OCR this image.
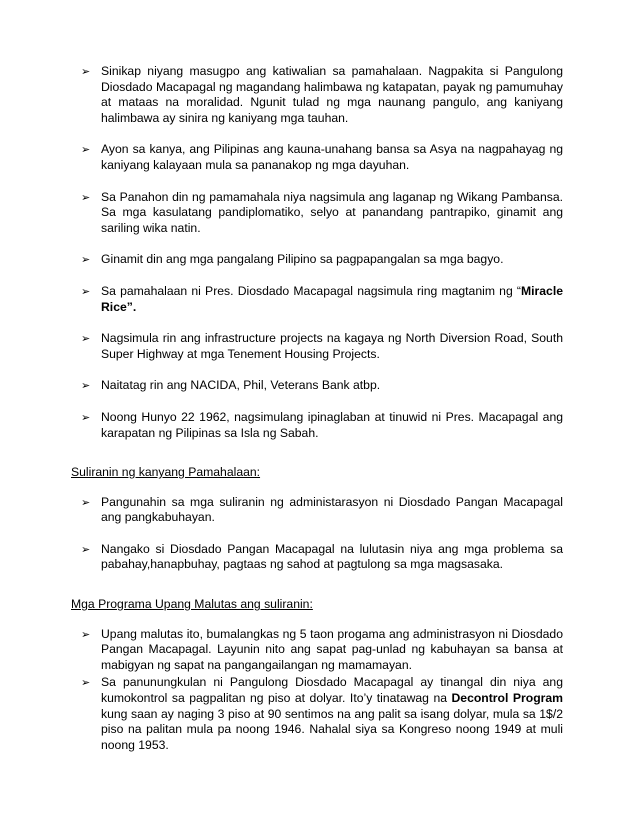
➢ Sinikap niyang masugpo ang katiwalian sa pamahalaan. Nagpakita si Pangulong Diosdado Macapagal ng magandang halimbawa ng katapatan, payak ng pamumuhay at mataas na moralidad. Ngunit tulad ng mga naunang pangulo, ang kaniyang halimbawa ay sinira ng kaniyang mga tauhan.
➢ Ayon sa kanya, ang Pilipinas ang kauna-unahang bansa sa Asya na nagpahayag ng kaniyang kalayaan mula sa pananakop ng mga dayuhan.
➢ Sa Panahon din ng pamamahala niya nagsimula ang laganap ng Wikang Pambansa. Sa mga kasulatang pandiplomatiko, selyo at panandang pantrapiko, ginamit ang sariling wika natin.
➢ Ginamit din ang mga pangalang Pilipino sa pagpapangalan sa mga bagyo.
➢ Sa pamahalaan ni Pres. Diosdado Macapagal nagsimula ring magtanim ng “Miracle Rice”.
➢ Nagsimula rin ang infrastructure projects na kagaya ng North Diversion Road, South Super Highway at mga Tenement Housing Projects.
➢ Naitatag rin ang NACIDA, Phil, Veterans Bank atbp.
➢ Noong Hunyo 22 1962, nagsimulang ipinaglaban at tinuwid ni Pres. Macapagal ang karapatan ng Pilipinas sa Isla ng Sabah.
Suliranin ng kanyang Pamahalaan:
➢ Pangunahin sa mga suliranin ng administarasyon ni Diosdado Pangan Macapagal ang pangkabuhayan.
➢ Nangako si Diosdado Pangan Macapagal na lulutasin niya ang mga problema sa pabahay,hanapbuhay, pagtaas ng sahod at pagtulong sa mga magsasaka.
Mga Programa Upang Malutas ang suliranin:
➢ Upang malutas ito, bumalangkas ng 5 taon progama ang administrasyon ni Diosdado Pangan Macapagal. Layunin nito ang sapat pag-unlad ng kabuhayan sa bansa at mabigyan ng sapat na pangangailangan ng mamamayan.
➢ Sa panunungkulan ni Pangulong Diosdado Macapagal ay tinangal din niya ang kumokontrol sa pagpalitan ng piso at dolyar. Ito’y tinatawag na Decontrol Program kung saan ay naging 3 piso at 90 sentimos na ang palit sa isang dolyar, mula sa 1$/2 piso na palitan mula pa noong 1946. Nahalal siya sa Kongreso noong 1949 at muli noong 1953.
